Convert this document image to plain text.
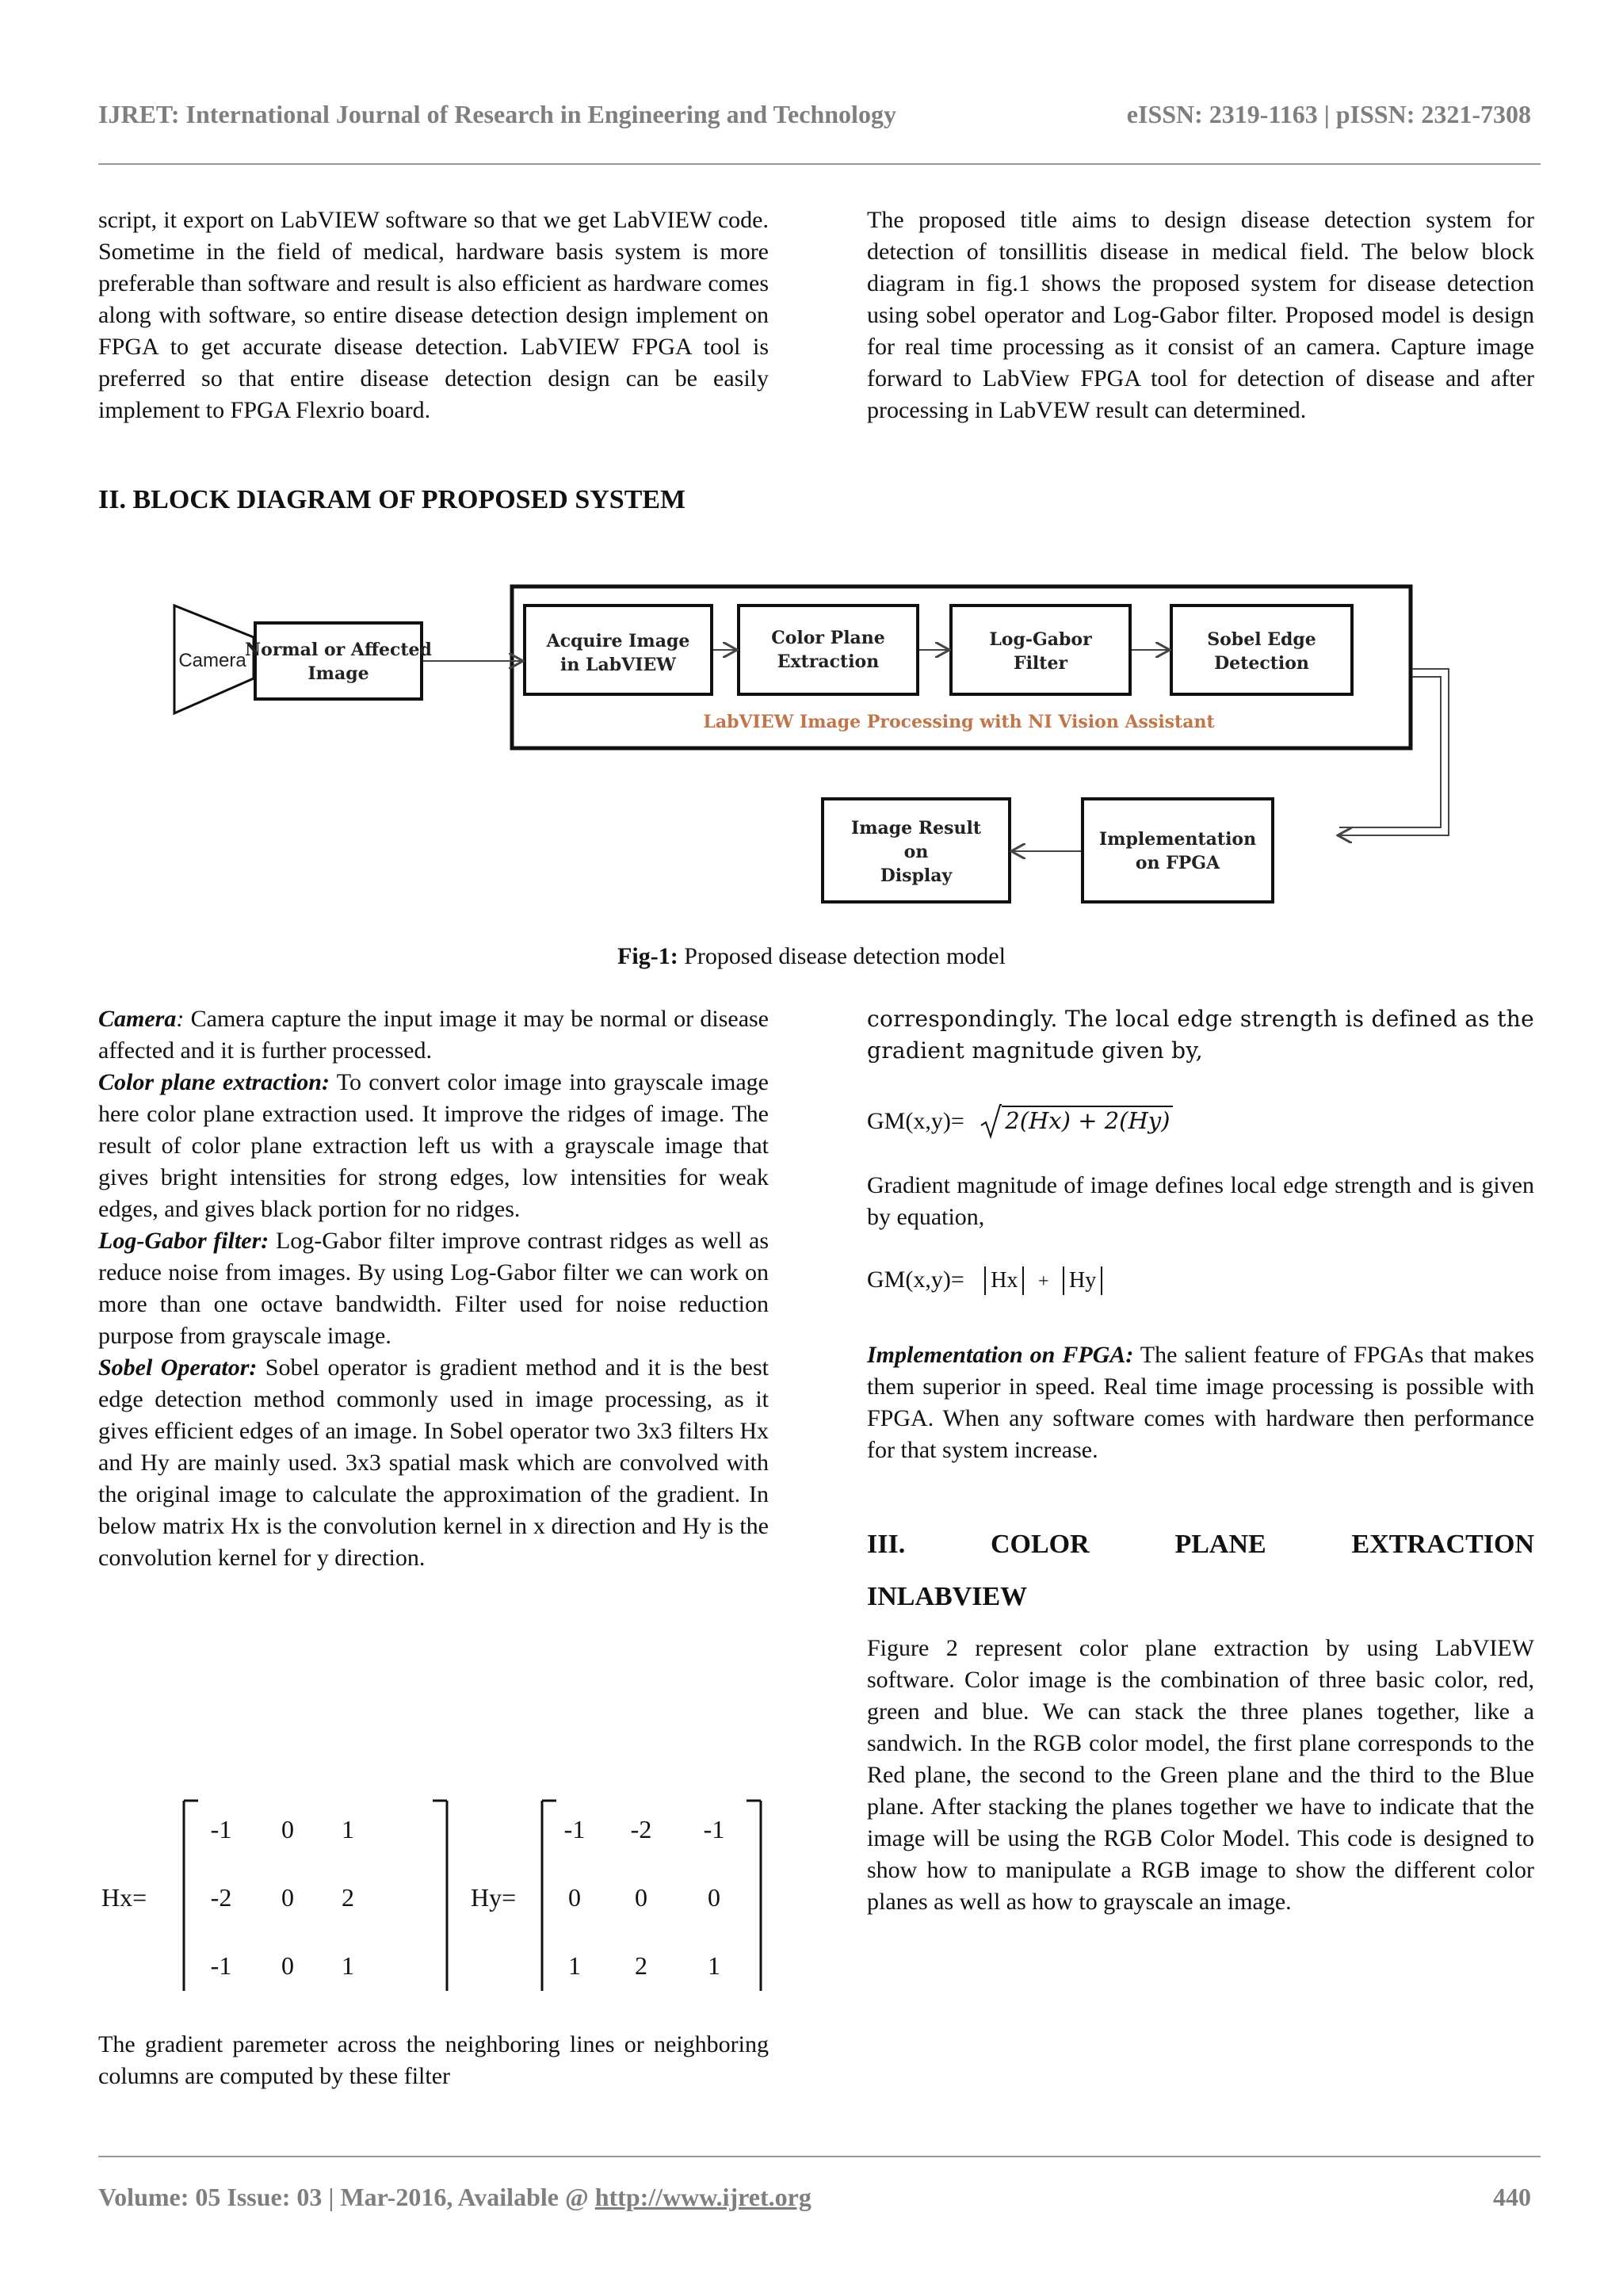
IJRET: International Journal of Research in Engineering and Technology	eISSN: 2319-1163 | pISSN: 2321-7308

script, it export on LabVIEW software so that we get LabVIEW code. Sometime in the field of medical, hardware basis system is more preferable than software and result is also efficient as hardware comes along with software, so entire disease detection design implement on FPGA to get accurate disease detection. LabVIEW FPGA tool is preferred so that entire disease detection design can be easily implement to FPGA Flexrio board.

The proposed title aims to design disease detection system for detection of tonsillitis disease in medical field. The below block diagram in fig.1 shows the proposed system for disease detection using sobel operator and Log-Gabor filter. Proposed model is design for real time processing as it consist of an camera. Capture image forward to LabView FPGA tool for detection of disease and after processing in LabVEW result can determined.

II. BLOCK DIAGRAM OF PROPOSED SYSTEM
Camera
Normal or Affected
Image
Acquire Image
in LabVIEW
Color Plane
Extraction
Log-Gabor
Filter
Sobel Edge
Detection
LabVIEW Image Processing with NI Vision Assistant
Implementation
on FPGA
Image Result
on
Display
Fig-1: Proposed disease detection model

Camera: Camera capture the input image it may be normal or disease affected and it is further processed.

Color plane extraction: To convert color image into grayscale image here color plane extraction used. It improve the ridges of image. The result of color plane extraction left us with a grayscale image that gives bright intensities for strong edges, low intensities for weak edges, and gives black portion for no ridges.

Log-Gabor filter: Log-Gabor filter improve contrast ridges as well as reduce noise from images. By using Log-Gabor filter we can work on more than one octave bandwidth. Filter used for noise reduction purpose from grayscale image.

Sobel Operator: Sobel operator is gradient method and it is the best edge detection method commonly used in image processing, as it gives efficient edges of an image. In Sobel operator two 3x3 filters Hx and Hy are mainly used. 3x3 spatial mask which are convolved with the original image to calculate the approximation of the gradient. In below matrix Hx is the convolution kernel in x direction and Hy is the convolution kernel for y direction.

Hx=
-1	0	1
-2	0	2
-1	0	1
Hy=
-1	-2	-1
0	0	0
1	2	1

The gradient paremeter across the neighboring lines or neighboring columns are computed by these filter

correspondingly. The local edge strength is defined as the gradient magnitude given by,

GM(x,y)= 2(Hx) + 2(Hy)

Gradient magnitude of image defines local edge strength and is given by equation,

GM(x,y)= Hx + Hy

Implementation on FPGA: The salient feature of FPGAs that makes them superior in speed. Real time image processing is possible with FPGA. When any software comes with hardware then performance for that system increase.

III.	COLOR	PLANE	EXTRACTION
INLABVIEW

Figure 2 represent color plane extraction by using LabVIEW software. Color image is the combination of three basic color, red, green and blue. We can stack the three planes together, like a sandwich. In the RGB color model, the first plane corresponds to the Red plane, the second to the Green plane and the third to the Blue plane. After stacking the planes together we have to indicate that the image will be using the RGB Color Model. This code is designed to show how to manipulate a RGB image to show the different color planes as well as how to grayscale an image.

Volume: 05 Issue: 03 | Mar-2016, Available @ http://www.ijret.org	440
